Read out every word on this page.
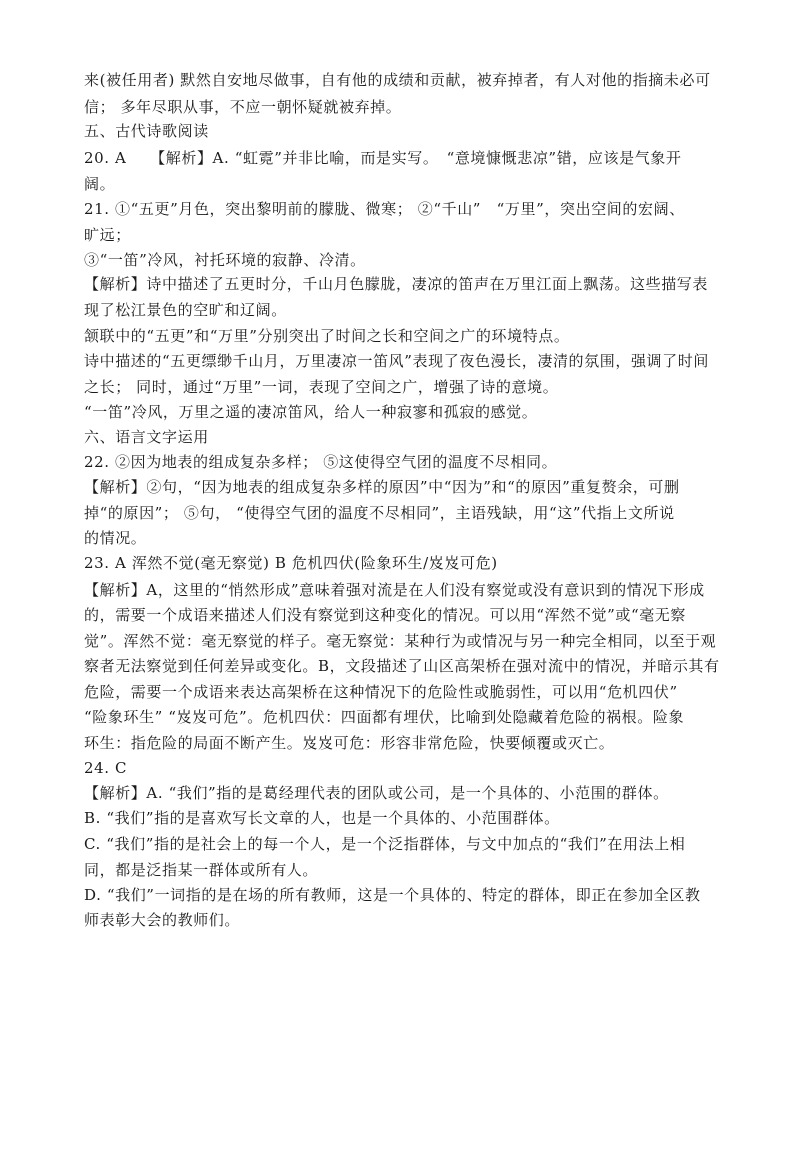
来(被任用者) 默然自安地尽做事，自有他的成绩和贡献，被弃掉者，有人对他的指摘未必可
信； 多年尽职从事，不应一朝怀疑就被弃掉。
五、古代诗歌阅读
20. A　　【解析】A. “虹霓”并非比喻，而是实写。　“意境慷慨悲凉”错，应该是气象开
阔。
21. ①“五更”月色，突出黎明前的朦胧、微寒； ②“千山”　“万里”，突出空间的宏阔、
旷远；
③“一笛”冷风，衬托环境的寂静、冷清。
【解析】诗中描述了五更时分，千山月色朦胧，凄凉的笛声在万里江面上飘荡。这些描写表
现了松江景色的空旷和辽阔。
颔联中的“五更”和“万里”分别突出了时间之长和空间之广的环境特点。
诗中描述的“五更缥缈千山月，万里凄凉一笛风”表现了夜色漫长，凄清的氛围，强调了时间
之长； 同时，通过“万里”一词，表现了空间之广，增强了诗的意境。
“一笛”冷风，万里之遥的凄凉笛风，给人一种寂寥和孤寂的感觉。
六、语言文字运用
22. ②因为地表的组成复杂多样； ⑤这使得空气团的温度不尽相同。
【解析】②句，“因为地表的组成复杂多样的原因”中“因为”和“的原因”重复赘余，可删
掉“的原因”； ⑤句， “使得空气团的温度不尽相同”，主语残缺，用“这”代指上文所说
的情况。
23. A 浑然不觉(毫无察觉) B 危机四伏(险象环生/岌岌可危)
【解析】A，这里的“悄然形成”意味着强对流是在人们没有察觉或没有意识到的情况下形成
的，需要一个成语来描述人们没有察觉到这种变化的情况。可以用“浑然不觉”或“毫无察
觉”。浑然不觉：毫无察觉的样子。毫无察觉：某种行为或情况与另一种完全相同，以至于观
察者无法察觉到任何差异或变化。B，文段描述了山区高架桥在强对流中的情况，并暗示其有
危险，需要一个成语来表达高架桥在这种情况下的危险性或脆弱性，可以用“危机四伏”
“险象环生” “岌岌可危”。危机四伏：四面都有埋伏，比喻到处隐藏着危险的祸根。险象
环生：指危险的局面不断产生。岌岌可危：形容非常危险，快要倾覆或灭亡。
24. C
【解析】A. “我们”指的是葛经理代表的团队或公司，是一个具体的、小范围的群体。
B. “我们”指的是喜欢写长文章的人，也是一个具体的、小范围群体。
C. “我们”指的是社会上的每一个人，是一个泛指群体，与文中加点的“我们”在用法上相
同，都是泛指某一群体或所有人。
D. “我们”一词指的是在场的所有教师，这是一个具体的、特定的群体，即正在参加全区教
师表彰大会的教师们。
